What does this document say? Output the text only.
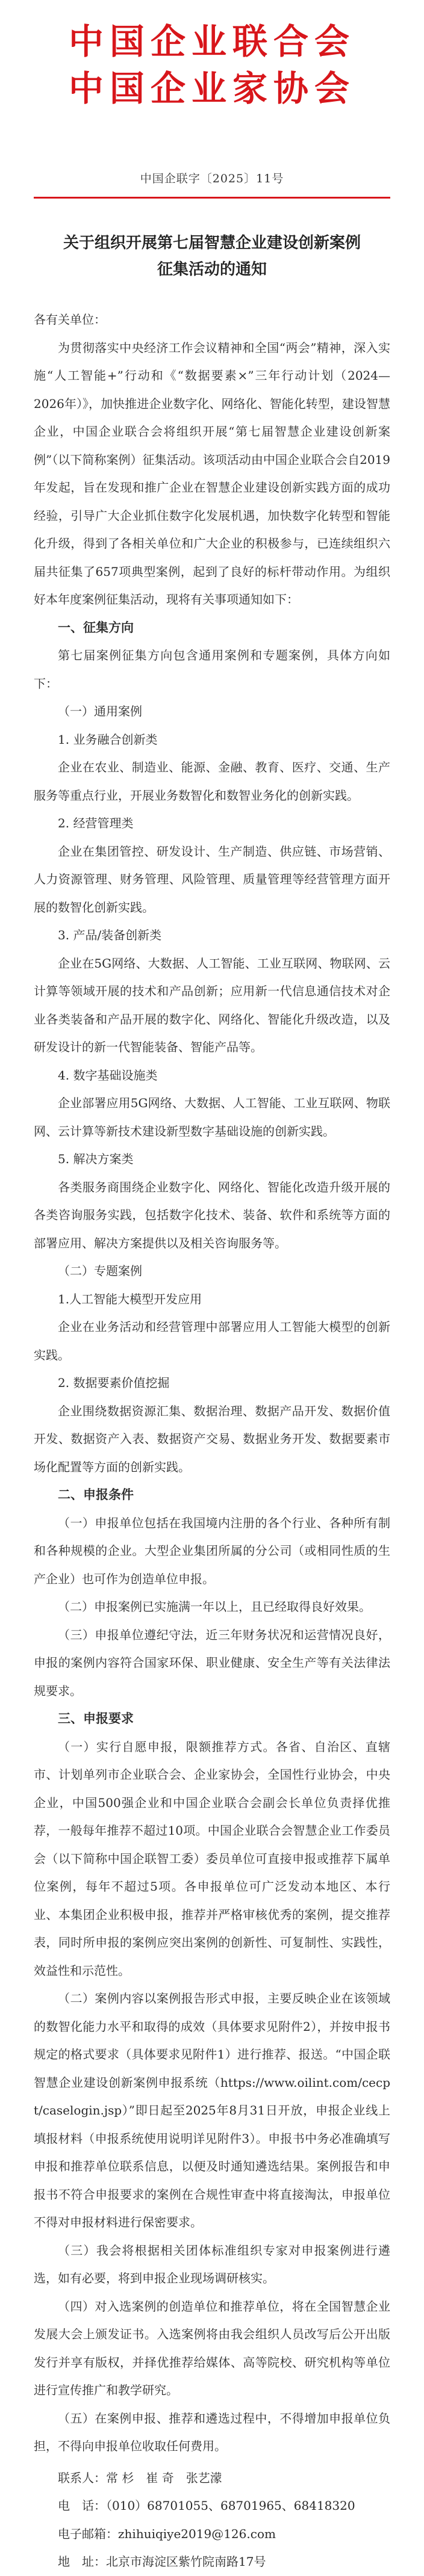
中国企业联合会
中国企业家协会
中国企联字〔2025〕11号
关于组织开展第七届智慧企业建设创新案例
征集活动的通知

各有关单位：

为贯彻落实中央经济工作会议精神和全国“两会”精神，深入实施“人工智能+”行动和《“数据要素×”三年行动计划（2024—2026年）》，加快推进企业数字化、网络化、智能化转型，建设智慧企业，中国企业联合会将组织开展“第七届智慧企业建设创新案例”（以下简称案例）征集活动。该项活动由中国企业联合会自2019年发起，旨在发现和推广企业在智慧企业建设创新实践方面的成功经验，引导广大企业抓住数字化发展机遇，加快数字化转型和智能化升级，得到了各相关单位和广大企业的积极参与，已连续组织六届共征集了657项典型案例，起到了良好的标杆带动作用。为组织好本年度案例征集活动，现将有关事项通知如下：

一、征集方向

第七届案例征集方向包含通用案例和专题案例，具体方向如下：

（一）通用案例

1. 业务融合创新类

企业在农业、制造业、能源、金融、教育、医疗、交通、生产服务等重点行业，开展业务数智化和数智业务化的创新实践。

2. 经营管理类

企业在集团管控、研发设计、生产制造、供应链、市场营销、人力资源管理、财务管理、风险管理、质量管理等经营管理方面开展的数智化创新实践。

3. 产品/装备创新类

企业在5G网络、大数据、人工智能、工业互联网、物联网、云计算等领域开展的技术和产品创新；应用新一代信息通信技术对企业各类装备和产品开展的数字化、网络化、智能化升级改造，以及研发设计的新一代智能装备、智能产品等。

4. 数字基础设施类

企业部署应用5G网络、大数据、人工智能、工业互联网、物联网、云计算等新技术建设新型数字基础设施的创新实践。

5. 解决方案类

各类服务商围绕企业数字化、网络化、智能化改造升级开展的各类咨询服务实践，包括数字化技术、装备、软件和系统等方面的部署应用、解决方案提供以及相关咨询服务等。

（二）专题案例

1.人工智能大模型开发应用

企业在业务活动和经营管理中部署应用人工智能大模型的创新实践。

2. 数据要素价值挖掘

企业围绕数据资源汇集、数据治理、数据产品开发、数据价值开发、数据资产入表、数据资产交易、数据业务开发、数据要素市场化配置等方面的创新实践。

二、申报条件

（一）申报单位包括在我国境内注册的各个行业、各种所有制和各种规模的企业。大型企业集团所属的分公司（或相同性质的生产企业）也可作为创造单位申报。

（二）申报案例已实施满一年以上，且已经取得良好效果。

（三）申报单位遵纪守法，近三年财务状况和运营情况良好，申报的案例内容符合国家环保、职业健康、安全生产等有关法律法规要求。

三、申报要求

（一）实行自愿申报，限额推荐方式。各省、自治区、直辖市、计划单列市企业联合会、企业家协会，全国性行业协会，中央企业，中国500强企业和中国企业联合会副会长单位负责择优推荐，一般每年推荐不超过10项。中国企业联合会智慧企业工作委员会（以下简称中国企联智工委）委员单位可直接申报或推荐下属单位案例，每年不超过5项。各申报单位可广泛发动本地区、本行业、本集团企业积极申报，推荐并严格审核优秀的案例，提交推荐表，同时所申报的案例应突出案例的创新性、可复制性、实践性，效益性和示范性。

（二）案例内容以案例报告形式申报，主要反映企业在该领域的数智化能力水平和取得的成效（具体要求见附件2），并按申报书规定的格式要求（具体要求见附件1）进行推荐、报送。“中国企联智慧企业建设创新案例申报系统（https://www.oilint.com/cecpt/caselogin.jsp）”即日起至2025年8月31日开放，申报企业线上填报材料（申报系统使用说明详见附件3）。申报书中务必准确填写申报和推荐单位联系信息，以便及时通知遴选结果。案例报告和申报书不符合申报要求的案例在合规性审查中将直接淘汰，申报单位不得对申报材料进行保密要求。

（三）我会将根据相关团体标准组织专家对申报案例进行遴选，如有必要，将到申报企业现场调研核实。

（四）对入选案例的创造单位和推荐单位，将在全国智慧企业发展大会上颁发证书。入选案例将由我会组织人员改写后公开出版发行并享有版权，并择优推荐给媒体、高等院校、研究机构等单位进行宣传推广和教学研究。

（五）在案例申报、推荐和遴选过程中，不得增加申报单位负担，不得向申报单位收取任何费用。

联系人：常 杉　崔 奇　张艺濛

电　话：（010）68701055、68701965、68418320

电子邮箱：zhihuiqiye2019@126.com

地　址：北京市海淀区紫竹院南路17号
